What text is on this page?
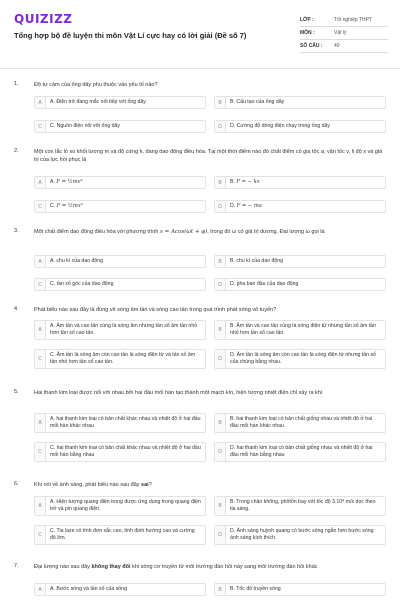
QUIZIZZ
Tổng hợp bộ đề luyện thi môn Vật Lí cực hay có lời giải (Đề số 7)
LỚP :	Tốt nghiệp THPT
MÔN :	Vật lý
SỐ CÂU :	40
1.	Độ tự cảm của ống dây phụ thuộc vào yếu tố nào?
A	A. Điện trở đang mắc nối tiếp với ống dây	B	B. Cấu tạo của ống dây
C	C. Nguồn điện nối với ống dây	D	D. Cường độ dòng điện chạy trong ống dây
2.	Một con lắc lò xo khối lượng m và độ cứng k, đang dao động điều hòa. Tại một thời điểm nào đó chất điểm có gia tốc a, vận tốc v, li độ x và giá trị của lực hồi phục là
A	A. F = ½mv²	B	B. F = − kx
C	C. F = ½mx²	D	D. F = − ma
3.	Một chất điểm dao động điều hòa với phương trình x = Acos(ωt + φ), trong đó ω có giá trị dương. Đại lượng ω gọi là
A	A. chu kì của dao động	B	B. chu kì của dao động
C	C. tần số góc của dao động	D	D. pha ban đầu của dao động
4.	Phát biểu nào sau đây là đúng về sóng âm tần và sóng cao tần trong quá trình phát sóng vô tuyến?
A
A. Âm tần và cao tần cùng là sóng âm nhưng tần số âm tần nhỏ hơn tần số cao tần.	B
B. Âm tần và cao tần cùng là sóng điện từ nhưng tần số âm tần nhỏ hơn tần số cao tần.
C
C. Âm tần là sóng âm còn cao tần là sóng điện từ và tần số âm tần nhỏ hơn tần số cao tần.	D
D. Âm tần là sóng âm còn cao tần là sóng điện từ nhưng tần số của chúng bằng nhau.
5.	Hai thanh kim loại được nối với nhau bởi hai đầu mối hàn tạo thành một mạch kín, hiện tượng nhiệt điện chỉ xảy ra khi
A
A. hai thanh kim loại có bản chất khác nhau và nhiệt độ ở hai đầu mối hàn khác nhau	B
B. hai thanh kim loại có bản chất giống nhau và nhiệt độ ở hai đầu mối hàn khác nhau
C
C. hai thanh kim loại có bản chất khác nhau và nhiệt độ ở hai đầu mối hàn bằng nhau	D
D. hai thanh kim loại có bản chất giống nhau và nhiệt độ ở hai đầu mối hàn bằng nhau
6.	Khi nói về ánh sáng, phát biểu nào sau đây sai?
A
A. Hiện tượng quang điện trong được ứng dụng trong quang điện trở và pin quang điện.	B
B. Trong chân không, phôtôn bay với tốc độ 3.10⁸ m/s dọc theo tia sáng.
C
C. Tia laze có tính đơn sắc cao, tính định hướng cao và cường độ lớn.	D
D. Ánh sáng huỳnh quang có bước sóng ngắn hơn bước sóng ánh sáng kích thích.
7.	Đại lượng nào sau đây không thay đổi khi sóng cơ truyền từ môi trường đàn hồi này sang môi trường đàn hồi khác
A	A. Bước sóng và tần số của sóng	B	B. Tốc độ truyền sóng
